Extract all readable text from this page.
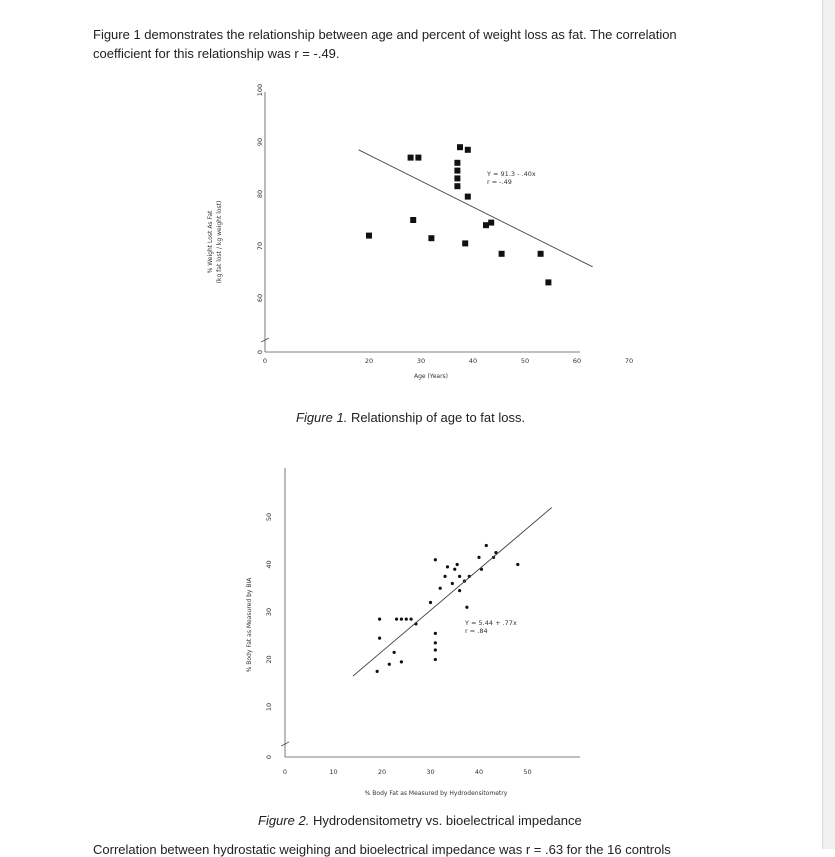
Figure 1 demonstrates the relationship between age and percent of weight loss as fat. The correlation coefficient for this relationship was r = -.49.
0
60
70
80
90
100
0	20	30	40	50	60	70
Y = 91.3 - .40x
r = -.49
Age (Years)
% Weight Lost As Fat (kg fat lost / kg weight lost)
Figure 1. Relationship of age to fat loss.
0
10
20
30
40
50
0	10	20	30	40	50
Y = 5.44 + .77x
r = .84
% Body Fat as Measured by Hydrodensitometry
% Body Fat as Measured by BIA
Figure 2. Hydrodensitometry vs. bioelectrical impedance
Correlation between hydrostatic weighing and bioelectrical impedance was r = .63 for the 16 controls
